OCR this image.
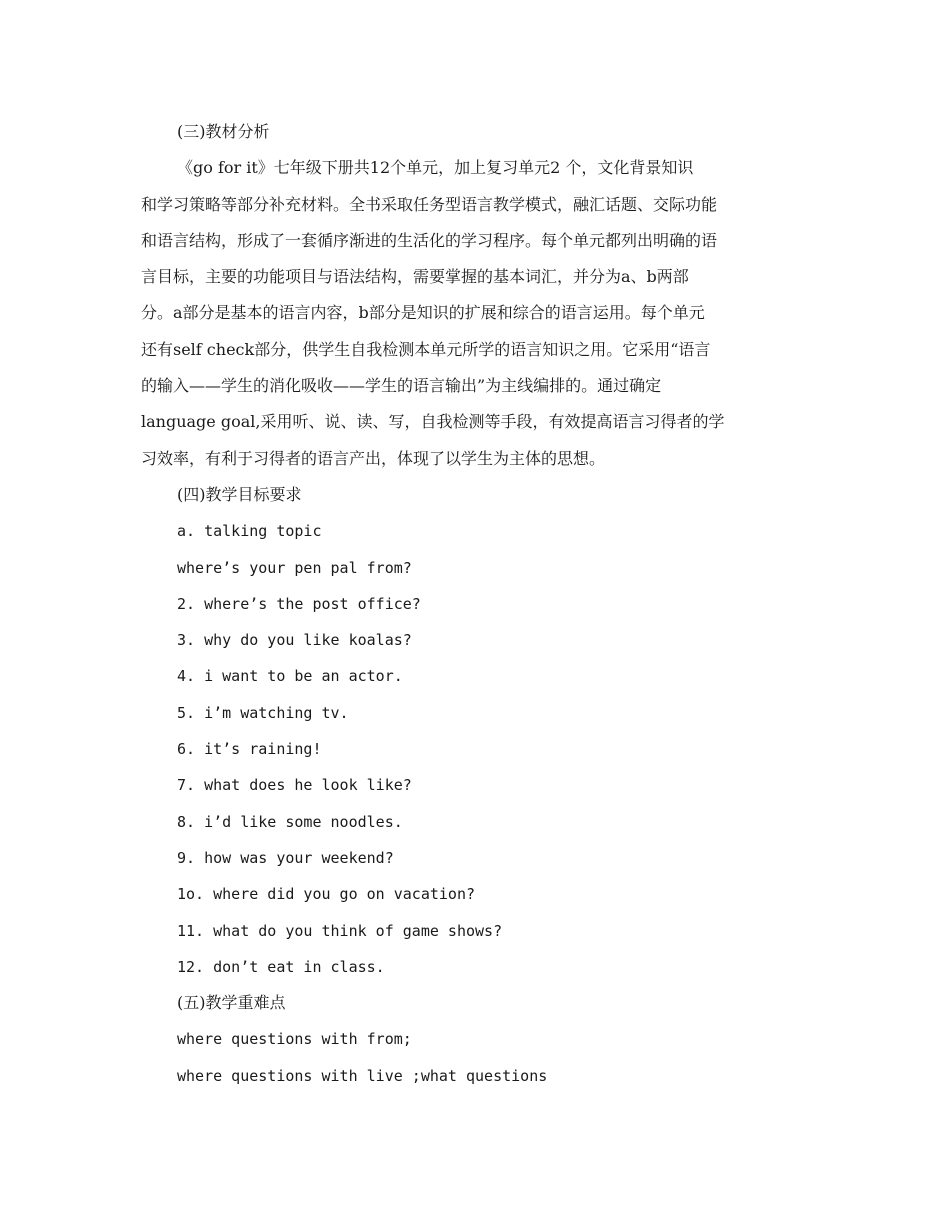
(三)教材分析
《go for it》七年级下册共12个单元，加上复习单元2 个，文化背景知识
和学习策略等部分补充材料。全书采取任务型语言教学模式，融汇话题、交际功能
和语言结构，形成了一套循序渐进的生活化的学习程序。每个单元都列出明确的语
言目标，主要的功能项目与语法结构，需要掌握的基本词汇，并分为a、b两部
分。a部分是基本的语言内容，b部分是知识的扩展和综合的语言运用。每个单元
还有self check部分，供学生自我检测本单元所学的语言知识之用。它采用“语言
的输入——学生的消化吸收——学生的语言输出”为主线编排的。通过确定
language goal,采用听、说、读、写，自我检测等手段，有效提高语言习得者的学
习效率，有利于习得者的语言产出，体现了以学生为主体的思想。
(四)教学目标要求
a. talking topic
where’s your pen pal from?
2. where’s the post office?
3. why do you like koalas?
4. i want to be an actor.
5. i’m watching tv.
6. it’s raining!
7. what does he look like?
8. i’d like some noodles.
9. how was your weekend?
1o. where did you go on vacation?
11. what do you think of game shows?
12. don’t eat in class.
(五)教学重难点
where questions with from;
where questions with live ;what questions
